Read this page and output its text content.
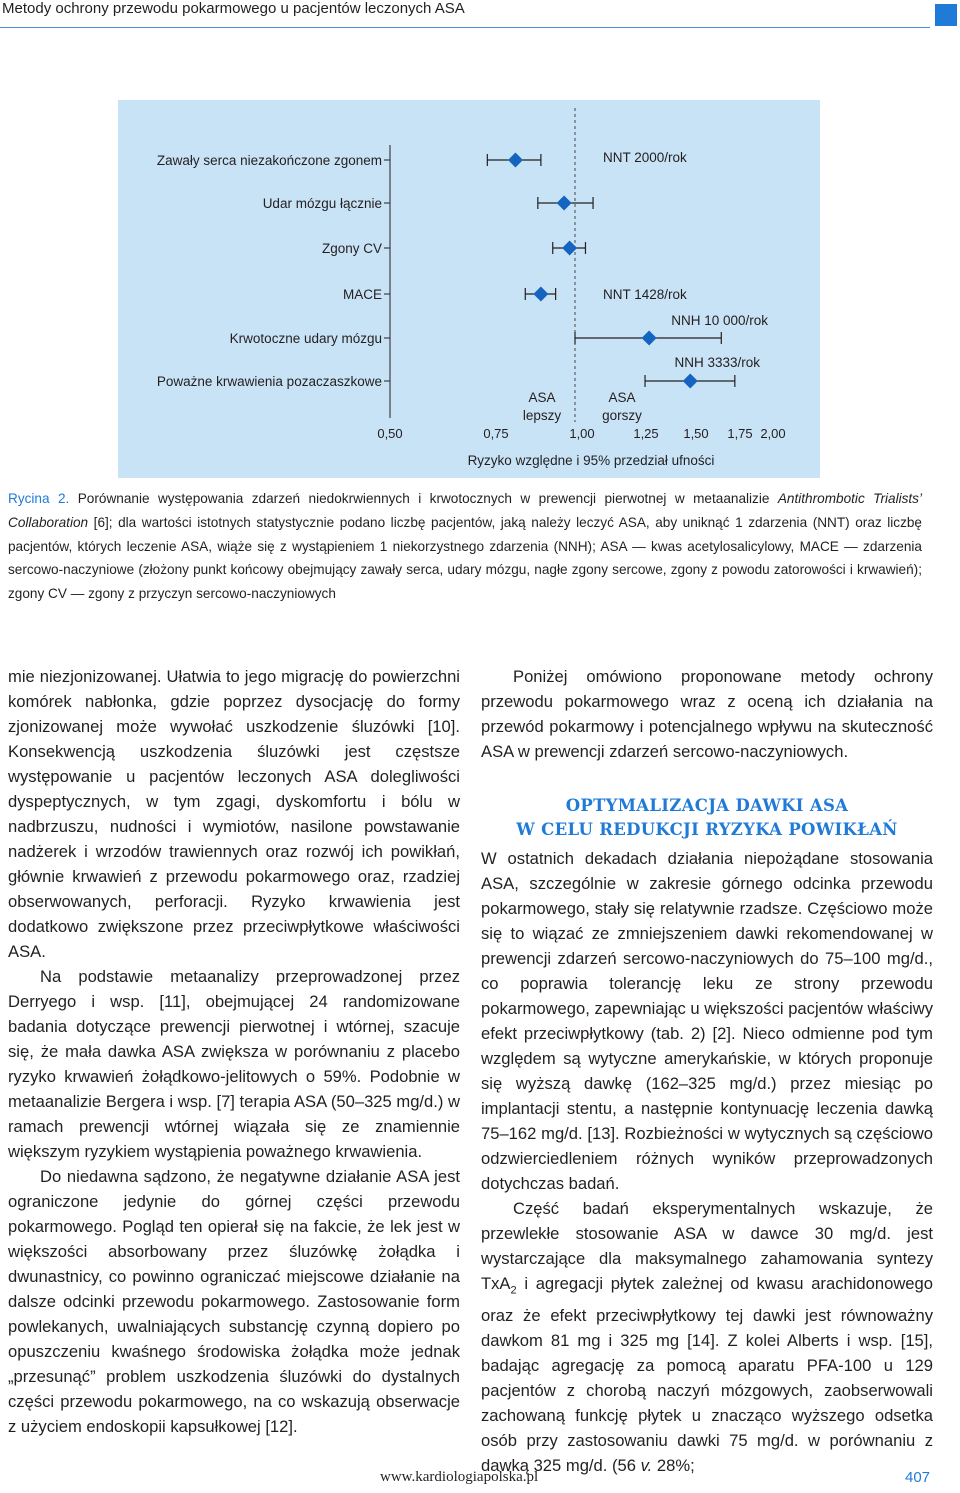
Metody ochrony przewodu pokarmowego u pacjentów leczonych ASA
Zawały serca niezakończone zgonem
Udar mózgu łącznie
Zgony CV
MACE
Krwotoczne udary mózgu
Poważne krwawienia pozaczaszkowe
NNT 2000/rok
NNT 1428/rok
NNH 10 000/rok
NNH 3333/rok
ASA
lepszy
ASA
gorszy
0,50	0,75	1,00	1,25 1,50 1,75 2,00
Ryzyko względne i 95% przedział ufności
Rycina 2. Porównanie występowania zdarzeń niedokrwiennych i krwotocznych w prewencji pierwotnej w metaanalizie Antithrombotic Trialists’ Collaboration [6]; dla wartości istotnych statystycznie podano liczbę pacjentów, jaką należy leczyć ASA, aby uniknąć 1 zdarzenia (NNT) oraz liczbę pacjentów, których leczenie ASA, wiąże się z wystąpieniem 1 niekorzystnego zdarzenia (NNH); ASA — kwas acetylosalicylowy, MACE — zdarzenia sercowo-naczyniowe (złożony punkt końcowy obejmujący zawały serca, udary mózgu, nagłe zgony sercowe, zgony z powodu zatorowości i krwawień); zgony CV — zgony z przyczyn sercowo-naczyniowych

mie niezjonizowanej. Ułatwia to jego migrację do powierzchni komórek nabłonka, gdzie poprzez dysocjację do formy zjonizowanej może wywołać uszkodzenie śluzówki [10]. Konsekwencją uszkodzenia śluzówki jest częstsze występowanie u pacjentów leczonych ASA dolegliwości dyspeptycznych, w tym zgagi, dyskomfortu i bólu w nadbrzuszu, nudności i wymiotów, nasilone powstawanie nadżerek i wrzodów trawiennych oraz rozwój ich powikłań, głównie krwawień z przewodu pokarmowego oraz, rzadziej obserwowanych, perforacji. Ryzyko krwawienia jest dodatkowo zwiększone przez przeciwpłytkowe właściwości ASA.

Na podstawie metaanalizy przeprowadzonej przez Derryego i wsp. [11], obejmującej 24 randomizowane badania dotyczące prewencji pierwotnej i wtórnej, szacuje się, że mała dawka ASA zwiększa w porównaniu z placebo ryzyko krwawień żołądkowo-jelitowych o 59%. Podobnie w metaanalizie Bergera i wsp. [7] terapia ASA (50–325 mg/d.) w ramach prewencji wtórnej wiązała się ze znamiennie większym ryzykiem wystąpienia poważnego krwawienia.

Do niedawna sądzono, że negatywne działanie ASA jest ograniczone jedynie do górnej części przewodu pokarmowego. Pogląd ten opierał się na fakcie, że lek jest w większości absorbowany przez śluzówkę żołądka i dwunastnicy, co powinno ograniczać miejscowe działanie na dalsze odcinki przewodu pokarmowego. Zastosowanie form powlekanych, uwalniających substancję czynną dopiero po opuszczeniu kwaśnego środowiska żołądka może jednak „przesunąć” problem uszkodzenia śluzówki do dystalnych części przewodu pokarmowego, na co wskazują obserwacje z użyciem endoskopii kapsułkowej [12].

Poniżej omówiono proponowane metody ochrony przewodu pokarmowego wraz z oceną ich działania na przewód pokarmowy i potencjalnego wpływu na skuteczność ASA w prewencji zdarzeń sercowo-naczyniowych.

OPTYMALIZACJA DAWKI ASA
W CELU REDUKCJI RYZYKA POWIKŁAŃ

W ostatnich dekadach działania niepożądane stosowania ASA, szczególnie w zakresie górnego odcinka przewodu pokarmowego, stały się relatywnie rzadsze. Częściowo może się to wiązać ze zmniejszeniem dawki rekomendowanej w prewencji zdarzeń sercowo-naczyniowych do 75–100 mg/d., co poprawia tolerancję leku ze strony przewodu pokarmowego, zapewniając u większości pacjentów właściwy efekt przeciwpłytkowy (tab. 2) [2]. Nieco odmienne pod tym względem są wytyczne amerykańskie, w których proponuje się wyższą dawkę (162–325 mg/d.) przez miesiąc po implantacji stentu, a następnie kontynuację leczenia dawką 75–162 mg/d. [13]. Rozbieżności w wytycznych są częściowo odzwierciedleniem różnych wyników przeprowadzonych dotychczas badań.

Część badań eksperymentalnych wskazuje, że przewlekłe stosowanie ASA w dawce 30 mg/d. jest wystarczające dla maksymalnego zahamowania syntezy TxA$_2$ i agregacji płytek zależnej od kwasu arachidonowego oraz że efekt przeciwpłytkowy tej dawki jest równoważny dawkom 81 mg i 325 mg [14]. Z kolei Alberts i wsp. [15], badając agregację za pomocą aparatu PFA-100 u 129 pacjentów z chorobą naczyń mózgowych, zaobserwowali zachowaną funkcję płytek u znacząco wyższego odsetka osób przy zastosowaniu dawki 75 mg/d. w porównaniu z dawką 325 mg/d. (56 v. 28%;

www.kardiologiapolska.pl	407
